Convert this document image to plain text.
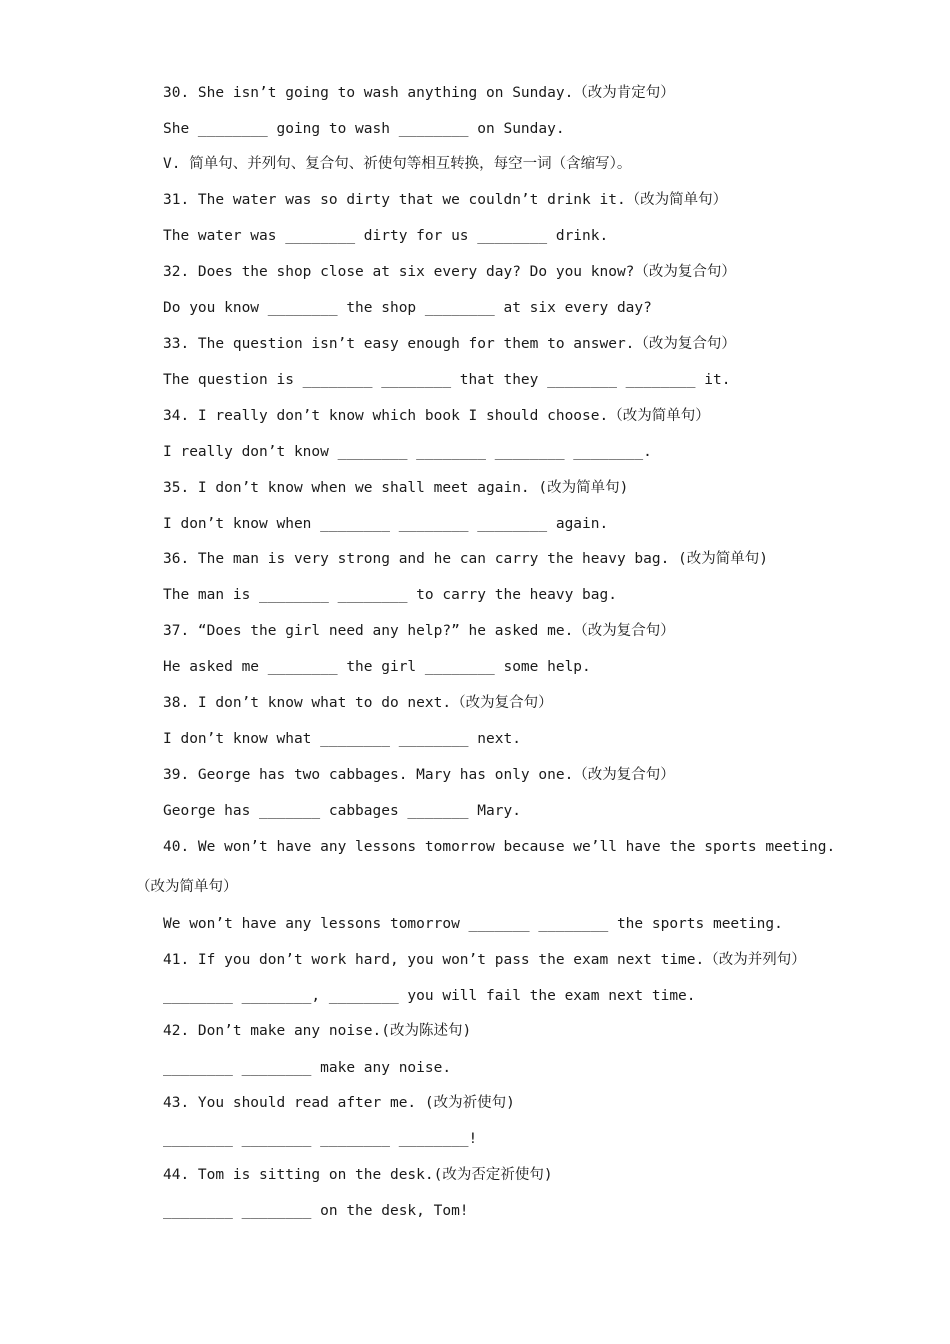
30. She isn’t going to wash anything on Sunday.（改为肯定句）
She ________ going to wash ________ on Sunday.
V. 简单句、并列句、复合句、祈使句等相互转换，每空一词（含缩写）。
31. The water was so dirty that we couldn’t drink it.（改为简单句）
The water was ________ dirty for us ________ drink.
32. Does the shop close at six every day? Do you know?（改为复合句）
Do you know ________ the shop ________ at six every day?
33. The question isn’t easy enough for them to answer.（改为复合句）
The question is ________ ________ that they ________ ________ it.
34. I really don’t know which book I should choose.（改为简单句）
I really don’t know ________ ________ ________ ________.
35. I don’t know when we shall meet again. (改为简单句)
I don’t know when ________ ________ ________ again.
36. The man is very strong and he can carry the heavy bag. (改为简单句)
The man is ________ ________ to carry the heavy bag.
37. “Does the girl need any help?” he asked me.（改为复合句）
He asked me ________ the girl ________ some help.
38. I don’t know what to do next.（改为复合句）
I don’t know what ________ ________ next.
39. George has two cabbages. Mary has only one.（改为复合句）
George has _______ cabbages _______ Mary.
40. We won’t have any lessons tomorrow because we’ll have the sports meeting.
（改为简单句）
We won’t have any lessons tomorrow _______ ________ the sports meeting.
41. If you don’t work hard, you won’t pass the exam next time.（改为并列句）
________ ________, ________ you will fail the exam next time.
42. Don’t make any noise.(改为陈述句)
________ ________ make any noise.
43. You should read after me. (改为祈使句)
________ ________ ________ ________!
44. Tom is sitting on the desk.(改为否定祈使句)
________ ________ on the desk, Tom!
